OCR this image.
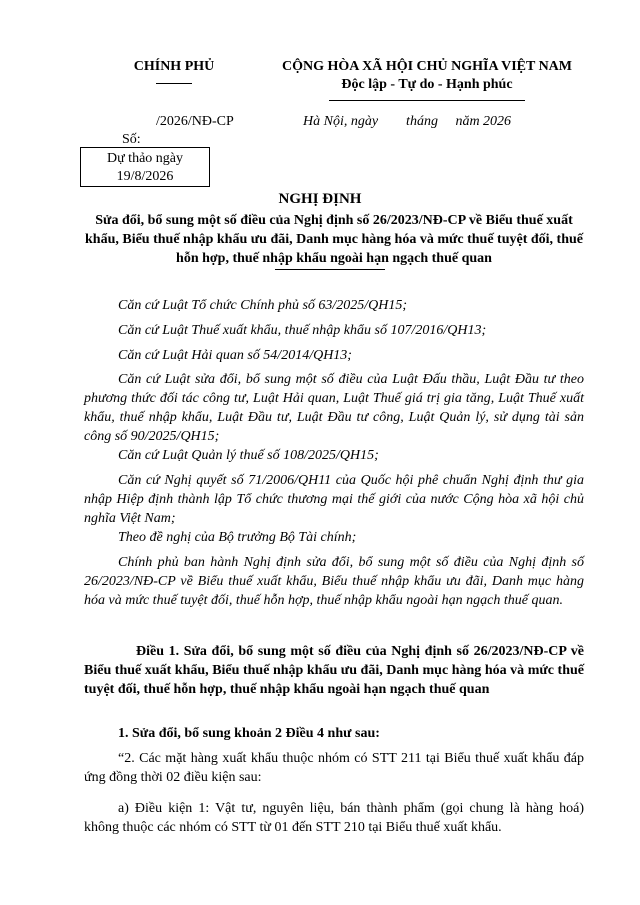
CHÍNH PHỦ	CỘNG HÒA XÃ HỘI CHỦ NGHĨA VIỆT NAM
Độc lập - Tự do - Hạnh phúc

Số:

/2026/NĐ-CP

	Hà Nội, ngày        tháng     năm 2026
Dự thảo ngày
19/8/2026
NGHỊ ĐỊNH
Sửa đổi, bổ sung một số điều của Nghị định số 26/2023/NĐ-CP về Biểu thuế xuất khẩu, Biểu thuế nhập khẩu ưu đãi, Danh mục hàng hóa và mức thuế tuyệt đối, thuế hỗn hợp, thuế nhập khẩu ngoài hạn ngạch thuế quan
Căn cứ Luật Tổ chức Chính phủ số 63/2025/QH15;
Căn cứ Luật Thuế xuất khẩu, thuế nhập khẩu số 107/2016/QH13;
Căn cứ Luật Hải quan số 54/2014/QH13;
Căn cứ Luật sửa đổi, bổ sung một số điều của Luật Đấu thầu, Luật Đầu tư theo phương thức đối tác công tư, Luật Hải quan, Luật Thuế giá trị gia tăng, Luật Thuế xuất khẩu, thuế nhập khẩu, Luật Đầu tư, Luật Đầu tư công, Luật Quản lý, sử dụng tài sản công số 90/2025/QH15;
Căn cứ Luật Quản lý thuế số 108/2025/QH15;
Căn cứ Nghị quyết số 71/2006/QH11 của Quốc hội phê chuẩn Nghị định thư gia nhập Hiệp định thành lập Tổ chức thương mại thế giới của nước Cộng hòa xã hội chủ nghĩa Việt Nam;
Theo đề nghị của Bộ trưởng Bộ Tài chính;
Chính phủ ban hành Nghị định sửa đổi, bổ sung một số điều của Nghị định số 26/2023/NĐ-CP về Biểu thuế xuất khẩu, Biểu thuế nhập khẩu ưu đãi, Danh mục hàng hóa và mức thuế tuyệt đối, thuế hỗn hợp, thuế nhập khẩu ngoài hạn ngạch thuế quan.
Điều 1. Sửa đổi, bổ sung một số điều của Nghị định số 26/2023/NĐ-CP về Biểu thuế xuất khẩu, Biểu thuế nhập khẩu ưu đãi, Danh mục hàng hóa và mức thuế tuyệt đối, thuế hỗn hợp, thuế nhập khẩu ngoài hạn ngạch thuế quan
1. Sửa đổi, bổ sung khoản 2 Điều 4 như sau:
“2. Các mặt hàng xuất khẩu thuộc nhóm có STT 211 tại Biểu thuế xuất khẩu đáp ứng đồng thời 02 điều kiện sau:
a) Điều kiện 1: Vật tư, nguyên liệu, bán thành phẩm (gọi chung là hàng hoá) không thuộc các nhóm có STT từ 01 đến STT 210 tại Biểu thuế xuất khẩu.
